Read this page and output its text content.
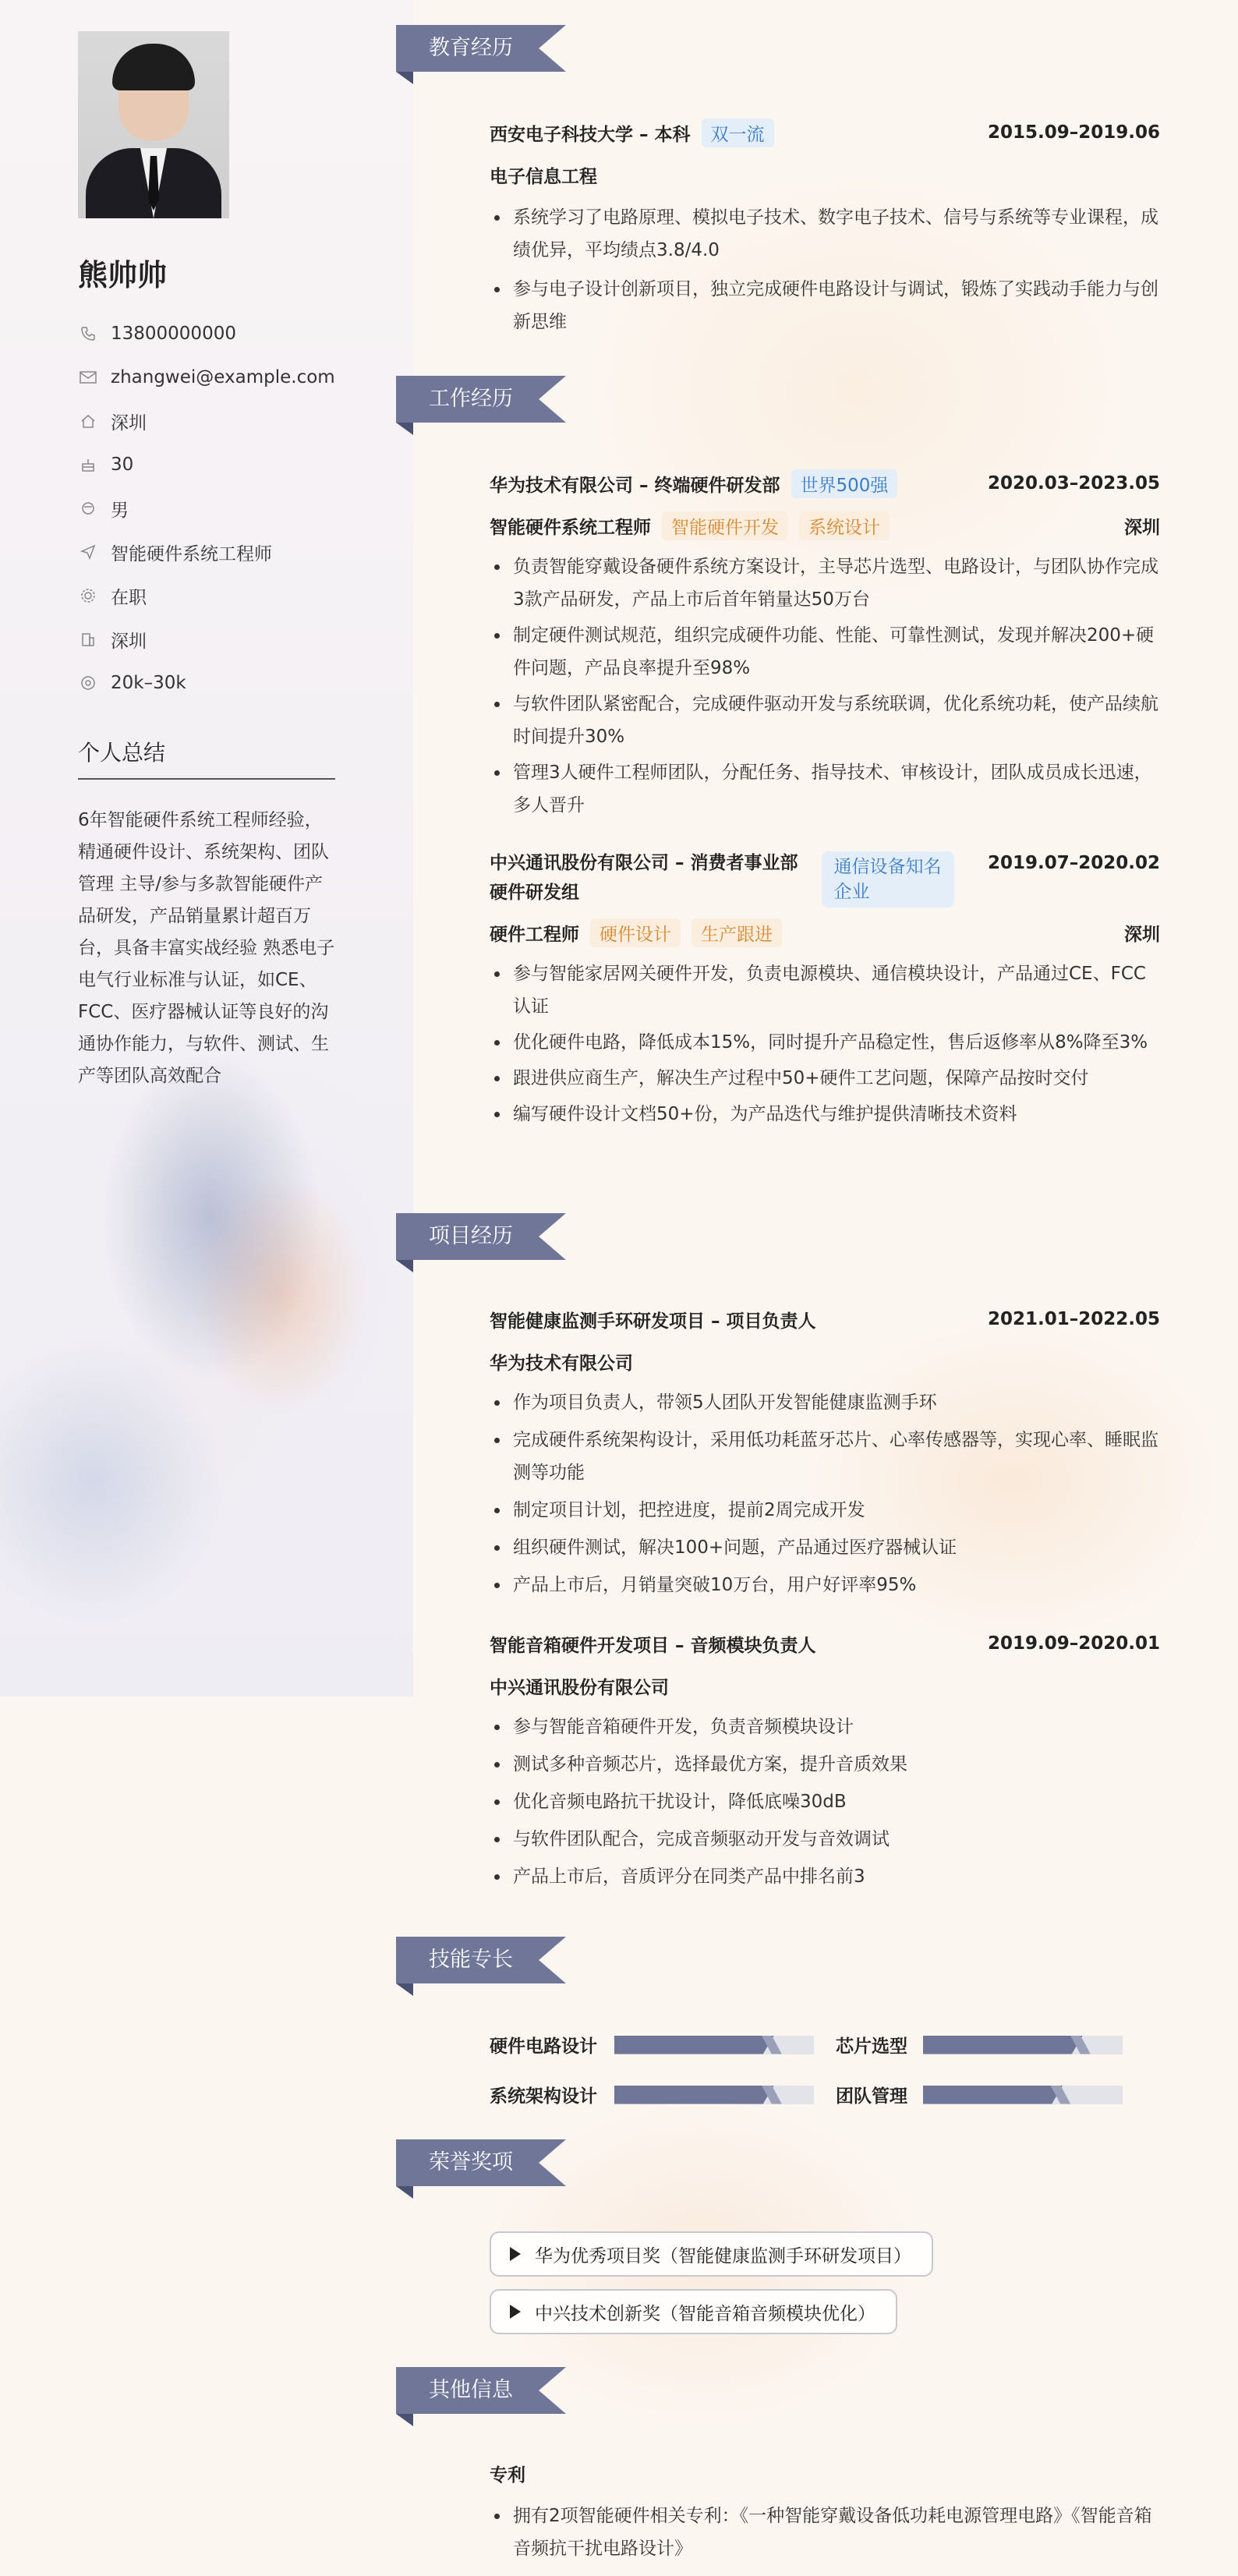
熊帅帅
13800000000
zhangwei@example.com
深圳
30
男
智能硬件系统工程师
在职
深圳
20k–30k
个人总结
6年智能硬件系统工程师经验，精通硬件设计、系统架构、团队管理 主导/参与多款智能硬件产品研发，产品销量累计超百万台，具备丰富实战经验 熟悉电子电气行业标准与认证，如CE、FCC、医疗器械认证等良好的沟通协作能力，与软件、测试、生产等团队高效配合
教育经历
西安电子科技大学 – 本科	双一流	2015.09–2019.06
电子信息工程
系统学习了电路原理、模拟电子技术、数字电子技术、信号与系统等专业课程，成绩优异，平均绩点3.8/4.0
参与电子设计创新项目，独立完成硬件电路设计与调试，锻炼了实践动手能力与创新思维
工作经历
华为技术有限公司 – 终端硬件研发部	世界500强	2020.03–2023.05
智能硬件系统工程师	智能硬件开发	系统设计	深圳
负责智能穿戴设备硬件系统方案设计，主导芯片选型、电路设计，与团队协作完成3款产品研发，产品上市后首年销量达50万台
制定硬件测试规范，组织完成硬件功能、性能、可靠性测试，发现并解决200+硬件问题，产品良率提升至98%
与软件团队紧密配合，完成硬件驱动开发与系统联调，优化系统功耗，使产品续航时间提升30%
管理3人硬件工程师团队，分配任务、指导技术、审核设计，团队成员成长迅速，多人晋升
中兴通讯股份有限公司 – 消费者事业部
硬件研发组
通信设备知名
企业
2019.07–2020.02
硬件工程师	硬件设计	生产跟进	深圳
参与智能家居网关硬件开发，负责电源模块、通信模块设计，产品通过CE、FCC认证
优化硬件电路，降低成本15%，同时提升产品稳定性，售后返修率从8%降至3%
跟进供应商生产，解决生产过程中50+硬件工艺问题，保障产品按时交付
编写硬件设计文档50+份，为产品迭代与维护提供清晰技术资料
项目经历
智能健康监测手环研发项目 – 项目负责人	2021.01–2022.05
华为技术有限公司
作为项目负责人，带领5人团队开发智能健康监测手环
完成硬件系统架构设计，采用低功耗蓝牙芯片、心率传感器等，实现心率、睡眠监测等功能
制定项目计划，把控进度，提前2周完成开发
组织硬件测试，解决100+问题，产品通过医疗器械认证
产品上市后，月销量突破10万台，用户好评率95%
智能音箱硬件开发项目 – 音频模块负责人	2019.09–2020.01
中兴通讯股份有限公司
参与智能音箱硬件开发，负责音频模块设计
测试多种音频芯片，选择最优方案，提升音质效果
优化音频电路抗干扰设计，降低底噪30dB
与软件团队配合，完成音频驱动开发与音效调试
产品上市后，音质评分在同类产品中排名前3
技能专长
硬件电路设计	芯片选型
系统架构设计	团队管理
荣誉奖项
华为优秀项目奖（智能健康监测手环研发项目）
中兴技术创新奖（智能音箱音频模块优化）
其他信息
专利
拥有2项智能硬件相关专利：《一种智能穿戴设备低功耗电源管理电路》《智能音箱音频抗干扰电路设计》
